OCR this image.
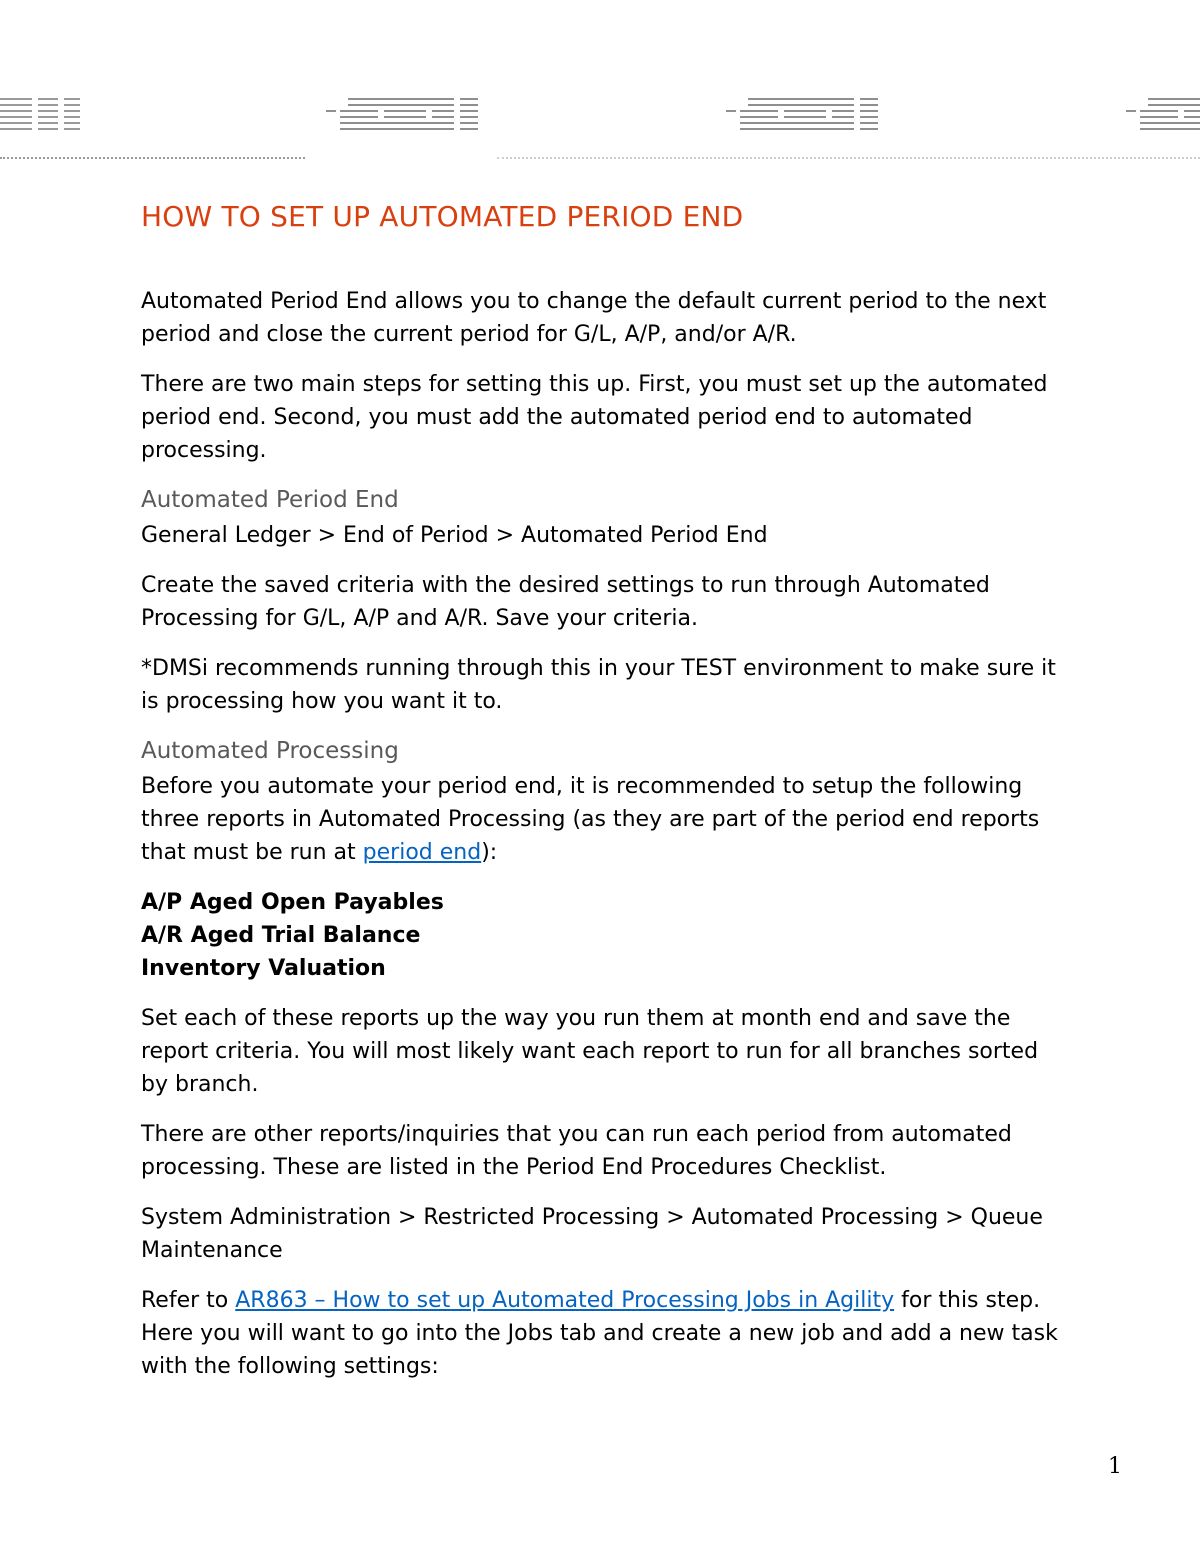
HOW TO SET UP AUTOMATED PERIOD END

Automated Period End allows you to change the default current period to the next period and close the current period for G/L, A/P, and/or A/R.

There are two main steps for setting this up. First, you must set up the automated period end. Second, you must add the automated period end to automated processing.

Automated Period End

General Ledger > End of Period > Automated Period End

Create the saved criteria with the desired settings to run through Automated Processing for G/L, A/P and A/R. Save your criteria.

*DMSi recommends running through this in your TEST environment to make sure it is processing how you want it to.

Automated Processing

Before you automate your period end, it is recommended to setup the following three reports in Automated Processing (as they are part of the period end reports that must be run at period end):

A/P Aged Open Payables
A/R Aged Trial Balance
Inventory Valuation

Set each of these reports up the way you run them at month end and save the report criteria. You will most likely want each report to run for all branches sorted by branch.

There are other reports/inquiries that you can run each period from automated processing. These are listed in the Period End Procedures Checklist.

System Administration > Restricted Processing > Automated Processing > Queue Maintenance

Refer to AR863 – How to set up Automated Processing Jobs in Agility for this step. Here you will want to go into the Jobs tab and create a new job and add a new task with the following settings:

1
